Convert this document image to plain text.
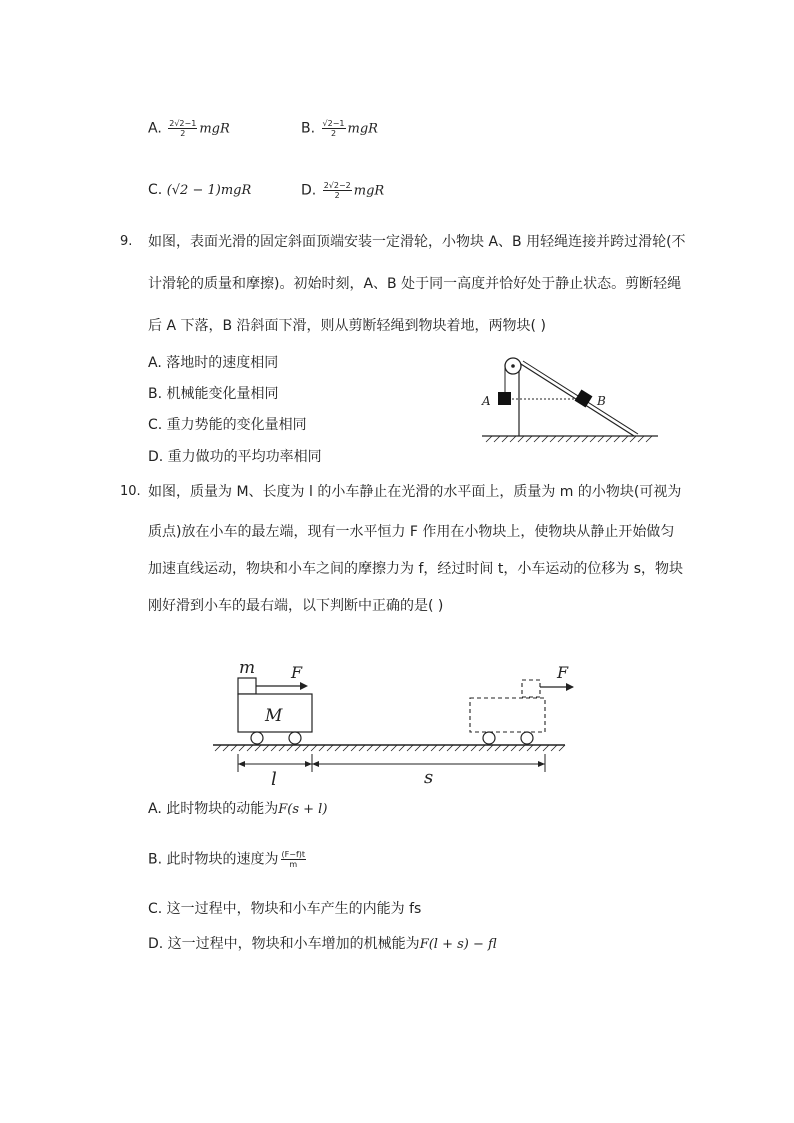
A. $\frac{2√2-1}{2}$ mgR	B. $\frac{√2-1}{2}$ mgR
C. (√2 − 1)mgR	D. $\frac{2√2-2}{2}$ mgR
9. 如图，表面光滑的固定斜面顶端安装一定滑轮，小物块 A、B 用轻绳连接并跨过滑轮(不
计滑轮的质量和摩擦)。初始时刻，A、B 处于同一高度并恰好处于静止状态。剪断轻绳
后 A 下落，B 沿斜面下滑，则从剪断轻绳到物块着地，两物块( )
A. 落地时的速度相同
B. 机械能变化量相同
C. 重力势能的变化量相同
D. 重力做功的平均功率相同
A	B
10. 如图，质量为 M、长度为 l 的小车静止在光滑的水平面上，质量为 m 的小物块(可视为
质点)放在小车的最左端，现有一水平恒力 F 作用在小物块上，使物块从静止开始做匀
加速直线运动，物块和小车之间的摩擦力为 f，经过时间 t，小车运动的位移为 s，物块
刚好滑到小车的最右端，以下判断中正确的是( )
m F
M
F
l	s
A. 此时物块的动能为F(s + l)
B. 此时物块的速度为 $\frac{(F-f)t}{m}$
C. 这一过程中，物块和小车产生的内能为 fs
D. 这一过程中，物块和小车增加的机械能为F(l + s) − fl
